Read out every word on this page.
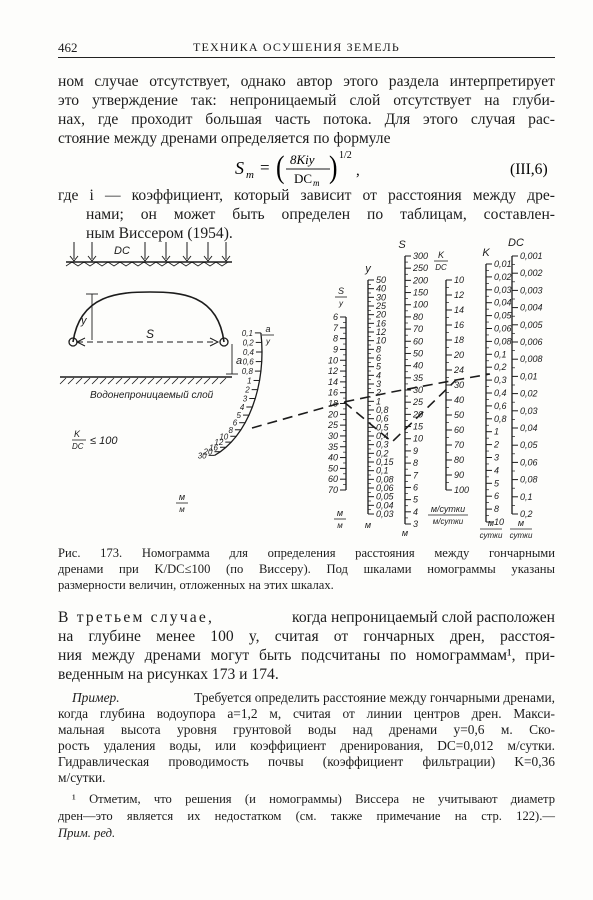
462	ТЕХНИКА ОСУШЕНИЯ ЗЕМЕЛЬ
ном случае отсутствует, однако автор этого раздела интерпретирует
это утверждение так: непроницаемый слой отсутствует на глуби-
нах, где проходит большая часть потока. Для этого случая рас-
стояние между дренами определяется по формуле
S m = ( 8Kiy
DC m ) 1/2
,	(III,6)
где i — коэффициент, который зависит от расстояния между дре-
нами; он может быть определен по таблицам, составлен-
ным Виссером (1954).
DC
S
y
a
Водонепроницаемый слой
K
DC ≤ 100
6
7
8
9
10
12
14
16
18
20
25
30
35
40
50
60
70
S
y
м
м
50
40
30
25
20
16
12
10
8
6
5
4
3
2
1
0,8
0,6
0,5
0,4
0,3
0,2
0,15
0,1
0,08
0,06
0,05
0,04
0,03
y
м
300
250
200
150
100
80
70
60
50
40
35
30
25
20
15
10
9
8
7
6
5
4
3
S
м
10
12
14
16
18
20
24
30
40
50
60
70
80
90
100
K
DC
м/сутки
м/сутки
0,01
0,02
0,03
0,04
0,05
0,06
0,08
0,1
0,2
0,3
0,4
0,6
0,8
1
2
3
4
5
6
8
10
K
м
сутки
0,001
0,002
0,003
0,004
0,005
0,006
0,008
0,01
0,02
0,03
0,04
0,05
0,06
0,08
0,1
0,2
DC
м
сутки
0,1
0,2
0,4
0,6
0,8
1
2
3
4
5
6
8
10
12
16
20
30
a
y
м
м
Рис. 173. Номограмма для определения расстояния между гончарными
дренами при K/DC≤100 (по Виссеру). Под шкалами номограммы указаны
размерности величин, отложенных на этих шкалах.
В третьем случае,	когда непроницаемый слой расположен
на глубине менее 100 y, считая от гончарных дрен, расстоя-
ния между дренами могут быть подсчитаны по номограммам¹, при-
веденным на рисунках 173 и 174.
Пример.	Требуется определить расстояние между гончарными дренами,
когда глубина водоупора a=1,2 м, считая от линии центров дрен. Макси-
мальная высота уровня грунтовой воды над дренами y=0,6 м. Ско-
рость удаления воды, или коэффициент дренирования, DC=0,012 м/сутки.
Гидравлическая проводимость почвы (коэффициент фильтрации) K=0,36
м/сутки.
¹ Отметим, что решения (и номограммы) Виссера не учитывают диаметр
дрен—это является их недостатком (см. также примечание на стр. 122).—
Прим. ред.
